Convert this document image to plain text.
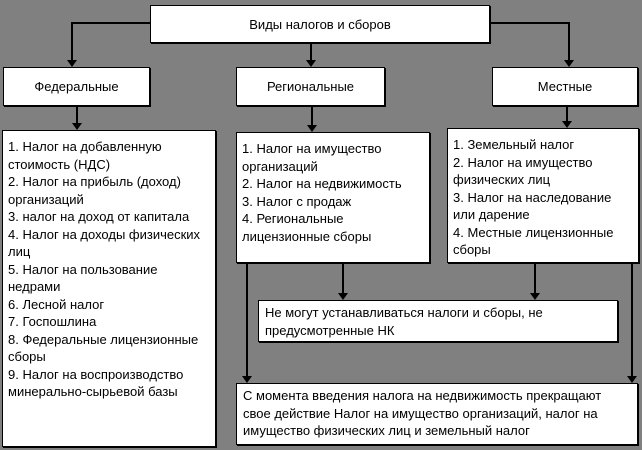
Виды налогов и сборов
Федеральные	Региональные	Местные
1. Налог на добавленную стоимость (НДС)
2. Налог на прибыль (доход) организаций
3. налог на доход от капитала
4. Налог на доходы физических лиц
5. Налог на пользование недрами
6. Лесной налог
7. Госпошлина
8. Федеральные лицензионные сборы
9. Налог на воспроизводство минерально-сырьевой базы
1. Налог на имущество организаций
2. Налог на недвижимость
3. Налог с продаж
4. Региональные лицензионные сборы
1. Земельный налог
2. Налог на имущество физических лиц
3. Налог на наследование или дарение
4. Местные лицензионные сборы
Не могут устанавливаться налоги и сборы, не предусмотренные НК
С момента введения налога на недвижимость прекращают свое действие Налог на имущество организаций, налог на имущество физических лиц и земельный налог
